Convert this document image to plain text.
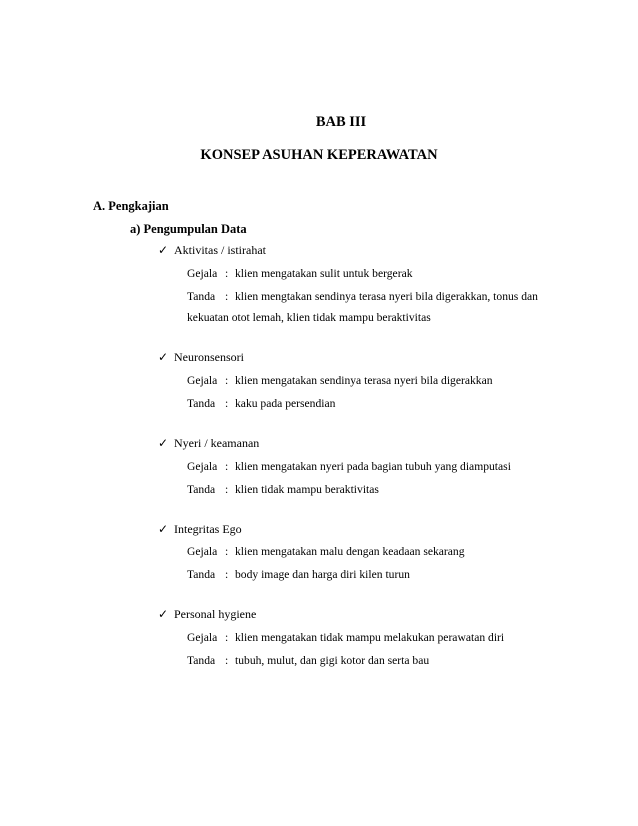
BAB III
KONSEP ASUHAN KEPERAWATAN
A. Pengkajian
a) Pengumpulan Data
✓ Aktivitas / istirahat
Gejala : klien mengatakan sulit untuk bergerak
Tanda : klien mengtakan sendinya terasa nyeri bila digerakkan, tonus dan
kekuatan otot lemah, klien tidak mampu beraktivitas
✓ Neuronsensori
Gejala : klien mengatakan sendinya terasa nyeri bila digerakkan
Tanda : kaku pada persendian
✓ Nyeri / keamanan
Gejala : klien mengatakan nyeri pada bagian tubuh yang diamputasi
Tanda : klien tidak mampu beraktivitas
✓ Integritas Ego
Gejala : klien mengatakan malu dengan keadaan sekarang
Tanda : body image dan harga diri kilen turun
✓ Personal hygiene
Gejala : klien mengatakan tidak mampu melakukan perawatan diri
Tanda : tubuh, mulut, dan gigi kotor dan serta bau
